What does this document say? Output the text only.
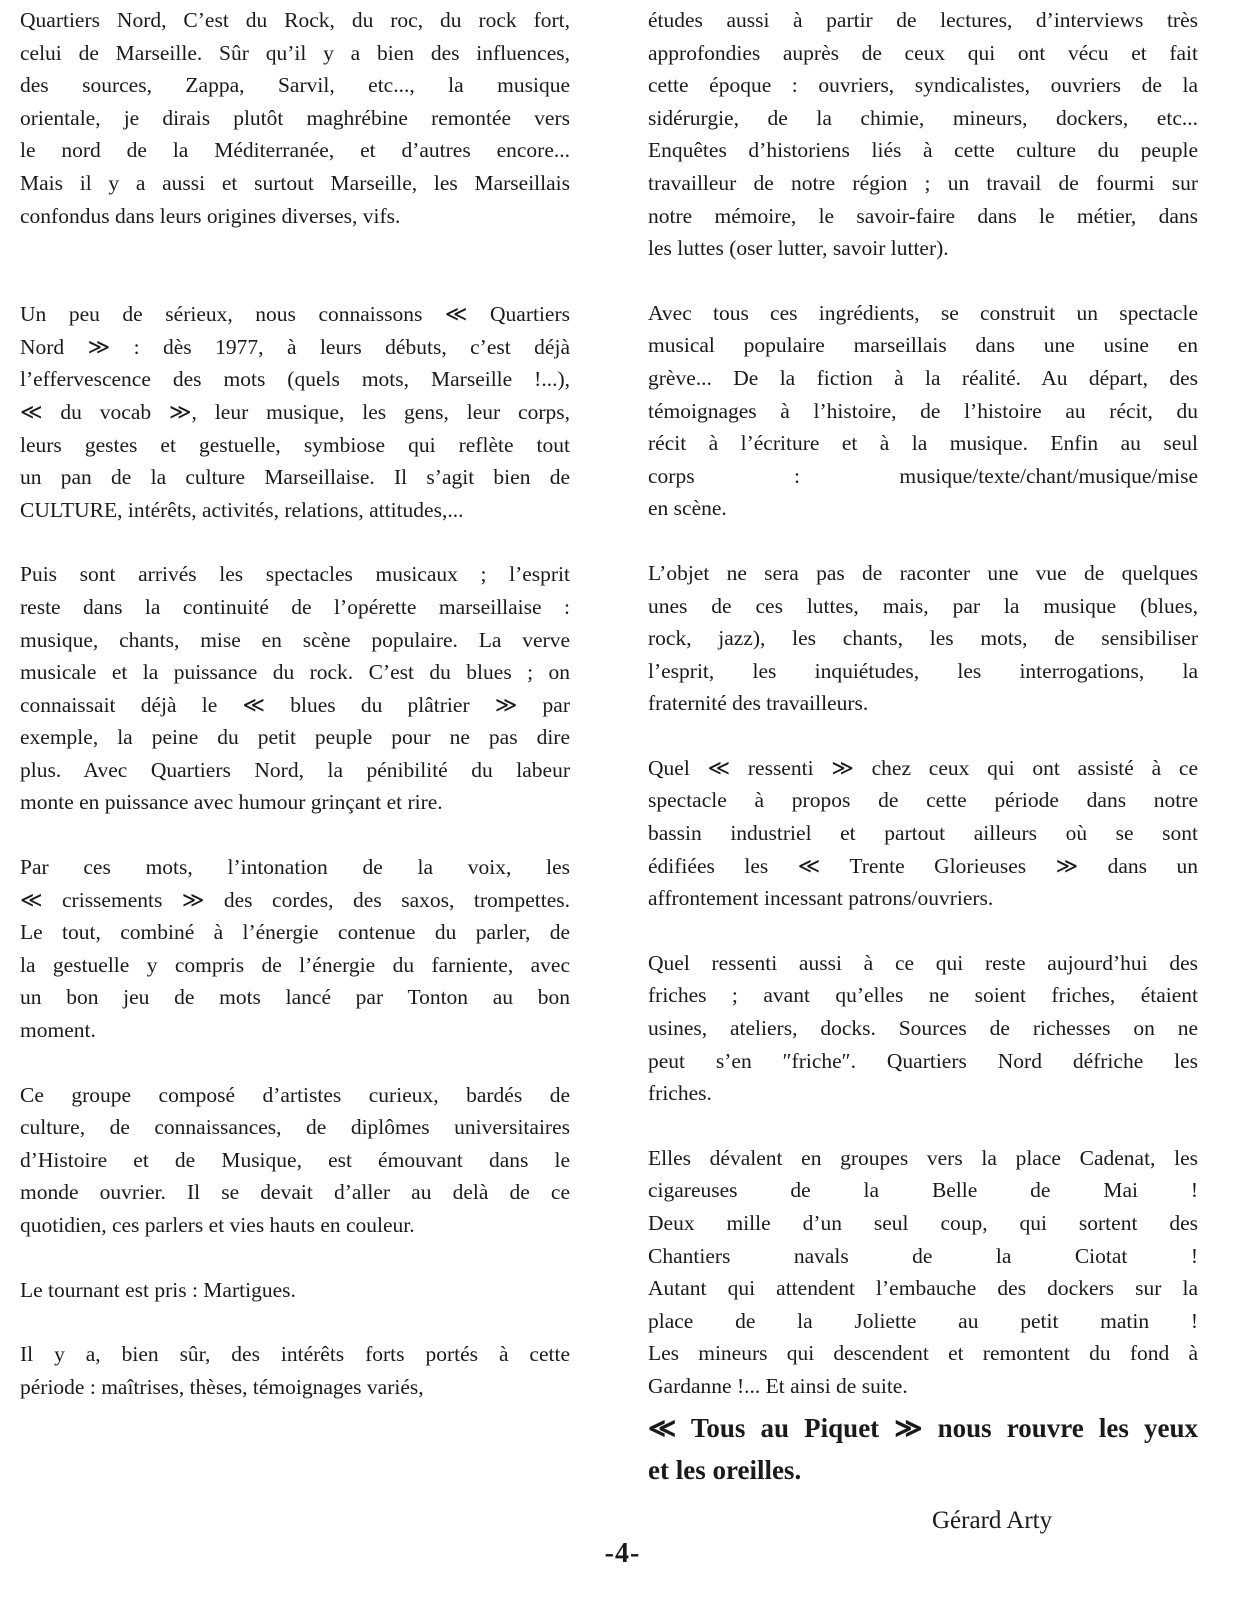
Quartiers Nord, C’est du Rock, du roc, du rock fort,
celui de Marseille. Sûr qu’il y a bien des influences,
des sources, Zappa, Sarvil, etc..., la musique
orientale, je dirais plutôt maghrébine remontée vers
le nord de la Méditerranée, et d’autres encore...
Mais il y a aussi et surtout Marseille, les Marseillais
confondus dans leurs origines diverses, vifs.
Un peu de sérieux, nous connaissons ≪ Quartiers
Nord ≫ : dès 1977, à leurs débuts, c’est déjà
l’effervescence des mots (quels mots, Marseille !...),
≪ du vocab ≫, leur musique, les gens, leur corps,
leurs gestes et gestuelle, symbiose qui reflète tout
un pan de la culture Marseillaise. Il s’agit bien de
CULTURE, intérêts, activités, relations, attitudes,...
Puis sont arrivés les spectacles musicaux ; l’esprit
reste dans la continuité de l’opérette marseillaise :
musique, chants, mise en scène populaire. La verve
musicale et la puissance du rock. C’est du blues ; on
connaissait déjà le ≪ blues du plâtrier ≫ par
exemple, la peine du petit peuple pour ne pas dire
plus. Avec Quartiers Nord, la pénibilité du labeur
monte en puissance avec humour grinçant et rire.
Par ces mots, l’intonation de la voix, les
≪ crissements ≫ des cordes, des saxos, trompettes.
Le tout, combiné à l’énergie contenue du parler, de
la gestuelle y compris de l’énergie du farniente, avec
un bon jeu de mots lancé par Tonton au bon
moment.
Ce groupe composé d’artistes curieux, bardés de
culture, de connaissances, de diplômes universitaires
d’Histoire et de Musique, est émouvant dans le
monde ouvrier. Il se devait d’aller au delà de ce
quotidien, ces parlers et vies hauts en couleur.
Le tournant est pris : Martigues.
Il y a, bien sûr, des intérêts forts portés à cette
période : maîtrises, thèses, témoignages variés,
études aussi à partir de lectures, d’interviews très
approfondies auprès de ceux qui ont vécu et fait
cette époque : ouvriers, syndicalistes, ouvriers de la
sidérurgie, de la chimie, mineurs, dockers, etc...
Enquêtes d’historiens liés à cette culture du peuple
travailleur de notre région ; un travail de fourmi sur
notre mémoire, le savoir-faire dans le métier, dans
les luttes (oser lutter, savoir lutter).
Avec tous ces ingrédients, se construit un spectacle
musical populaire marseillais dans une usine en
grève... De la fiction à la réalité. Au départ, des
témoignages à l’histoire, de l’histoire au récit, du
récit à l’écriture et à la musique. Enfin au seul
corps : musique/texte/chant/musique/mise
en scène.
L’objet ne sera pas de raconter une vue de quelques
unes de ces luttes, mais, par la musique (blues,
rock, jazz), les chants, les mots, de sensibiliser
l’esprit, les inquiétudes, les interrogations, la
fraternité des travailleurs.
Quel ≪ ressenti ≫ chez ceux qui ont assisté à ce
spectacle à propos de cette période dans notre
bassin industriel et partout ailleurs où se sont
édifiées les ≪ Trente Glorieuses ≫ dans un
affrontement incessant patrons/ouvriers.
Quel ressenti aussi à ce qui reste aujourd’hui des
friches ; avant qu’elles ne soient friches, étaient
usines, ateliers, docks. Sources de richesses on ne
peut s’en ″friche″. Quartiers Nord défriche les
friches.
Elles dévalent en groupes vers la place Cadenat, les
cigareuses de la Belle de Mai !
Deux mille d’un seul coup, qui sortent des
Chantiers navals de la Ciotat !
Autant qui attendent l’embauche des dockers sur la
place de la Joliette au petit matin !
Les mineurs qui descendent et remontent du fond à
Gardanne !... Et ainsi de suite.
≪ Tous au Piquet ≫ nous rouvre les yeux
et les oreilles.
Gérard Arty
-4-
